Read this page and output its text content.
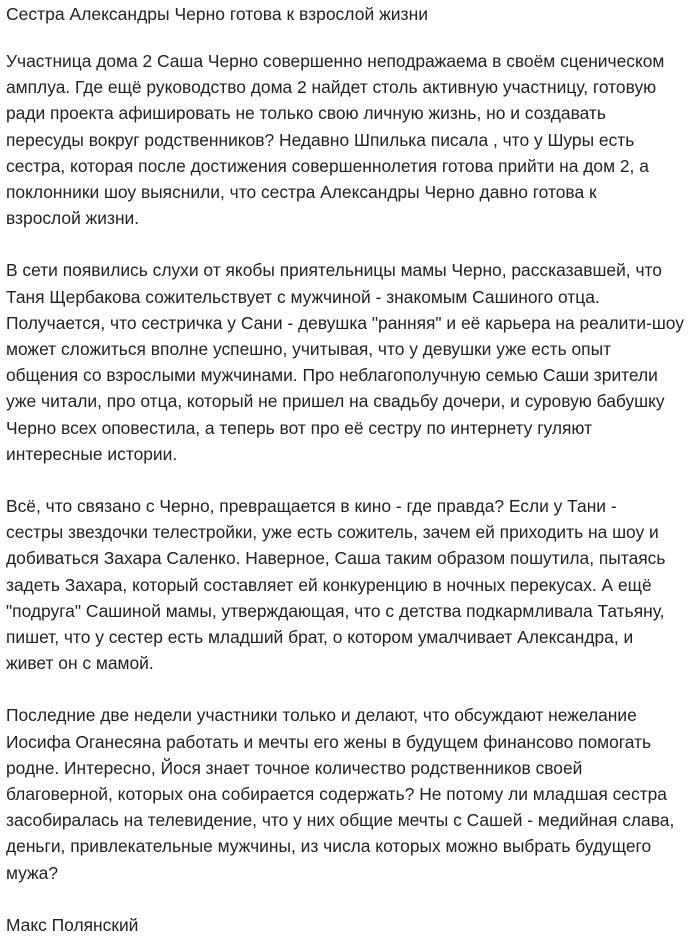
Сестра Александры Черно готова к взрослой жизни
Участница дома 2 Саша Черно совершенно неподражаема в своём сценическом
амплуа. Где ещё руководство дома 2 найдет столь активную участницу, готовую
ради проекта афишировать не только свою личную жизнь, но и создавать
пересуды вокруг родственников? Недавно Шпилька писала , что у Шуры есть
сестра, которая после достижения совершеннолетия готова прийти на дом 2, а
поклонники шоу выяснили, что сестра Александры Черно давно готова к
взрослой жизни.
В сети появились слухи от якобы приятельницы мамы Черно, рассказавшей, что
Таня Щербакова сожительствует с мужчиной - знакомым Сашиного отца.
Получается, что сестричка у Сани - девушка "ранняя" и её карьера на реалити-шоу
может сложиться вполне успешно, учитывая, что у девушки уже есть опыт
общения со взрослыми мужчинами. Про неблагополучную семью Саши зрители
уже читали, про отца, который не пришел на свадьбу дочери, и суровую бабушку
Черно всех оповестила, а теперь вот про её сестру по интернету гуляют
интересные истории.
Всё, что связано с Черно, превращается в кино - где правда? Если у Тани -
сестры звездочки телестройки, уже есть сожитель, зачем ей приходить на шоу и
добиваться Захара Саленко. Наверное, Саша таким образом пошутила, пытаясь
задеть Захара, который составляет ей конкуренцию в ночных перекусах. А ещё
"подруга" Сашиной мамы, утверждающая, что с детства подкармливала Татьяну,
пишет, что у сестер есть младший брат, о котором умалчивает Александра, и
живет он с мамой.
Последние две недели участники только и делают, что обсуждают нежелание
Иосифа Оганесяна работать и мечты его жены в будущем финансово помогать
родне. Интересно, Йося знает точное количество родственников своей
благоверной, которых она собирается содержать? Не потому ли младшая сестра
засобиралась на телевидение, что у них общие мечты с Сашей - медийная слава,
деньги, привлекательные мужчины, из числа которых можно выбрать будущего
мужа?
Макс Полянский
